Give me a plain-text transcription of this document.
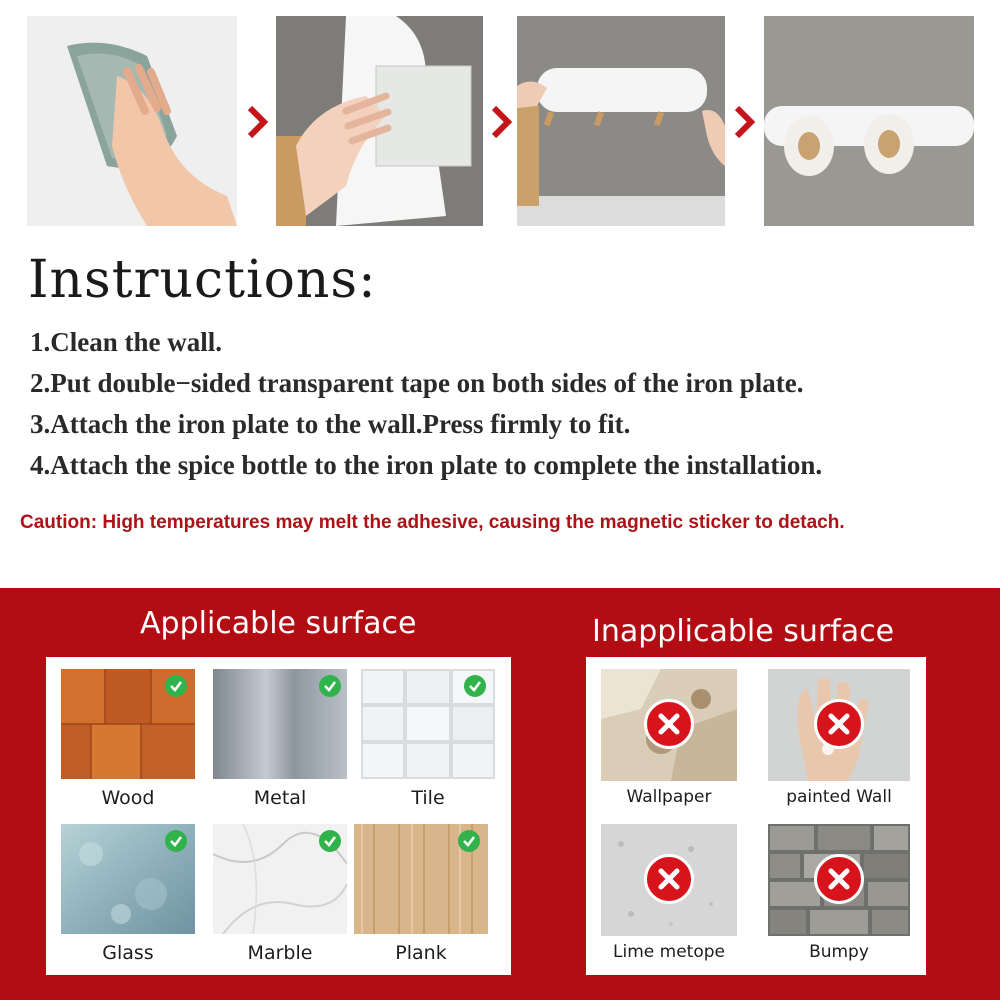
Instructions:
1.Clean the wall.
2.Put double−sided transparent tape on both sides of the iron plate.
3.Attach the iron plate to the wall.Press firmly to fit.
4.Attach the spice bottle to the iron plate to complete the installation.
Caution: High temperatures may melt the adhesive, causing the magnetic sticker to detach.
Applicable surface	Inapplicable surface
Wood	Metal	Tile
Glass	Marble	Plank
Wallpaper	painted Wall
Lime metope	Bumpy
